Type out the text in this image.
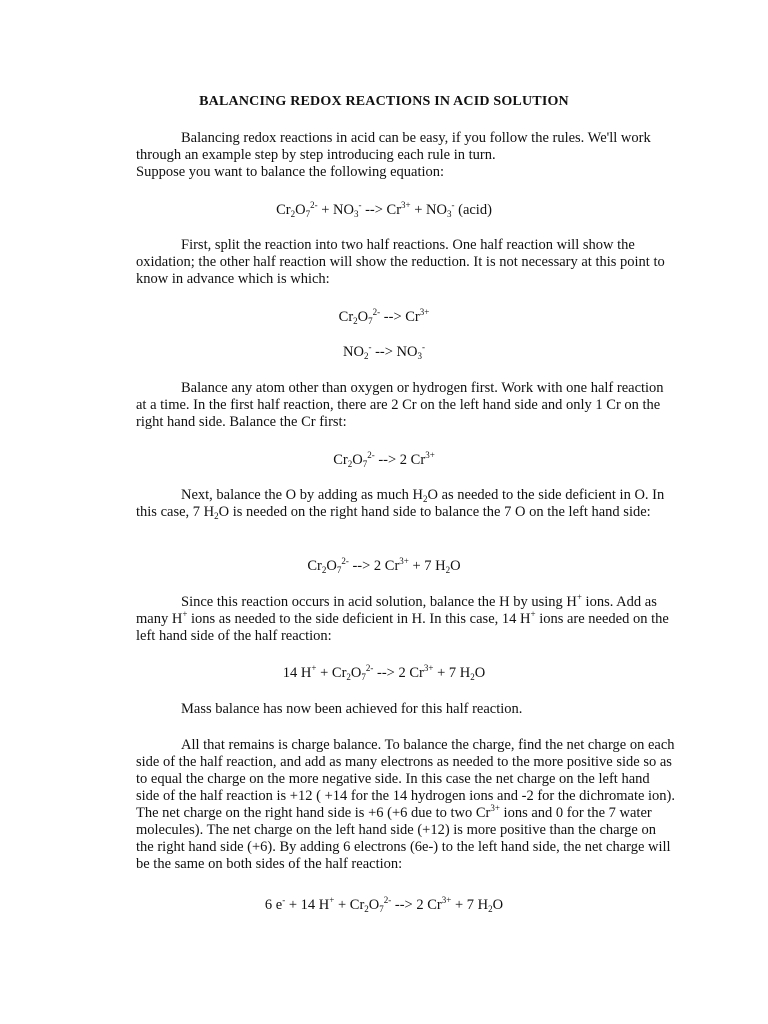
BALANCING REDOX REACTIONS IN ACID SOLUTION

Balancing redox reactions in acid can be easy, if you follow the rules. We'll work through an example step by step introducing each rule in turn.
Suppose you want to balance the following equation:

$Cr_2O_7^{2-} + NO_3^-$ --> $Cr^{3+} + NO_3^-$ (acid)

First, split the reaction into two half reactions. One half reaction will show the oxidation; the other half reaction will show the reduction. It is not necessary at this point to know in advance which is which:

$Cr_2O_7^{2-}$ --> $Cr^{3+}$
$NO_2^-$ --> $NO_3^-$

Balance any atom other than oxygen or hydrogen first. Work with one half reaction at a time. In the first half reaction, there are 2 Cr on the left hand side and only 1 Cr on the right hand side. Balance the Cr first:

$Cr_2O_7^{2-}$ --> 2 $Cr^{3+}$

Next, balance the O by adding as much $H_2O$ as needed to the side deficient in O. In this case, 7 $H_2O$ is needed on the right hand side to balance the 7 O on the left hand side:

$Cr_2O_7^{2-}$ --> 2 $Cr^{3+} + 7$ $H_2O$

Since this reaction occurs in acid solution, balance the H by using H+ ions. Add as many H+ ions as needed to the side deficient in H. In this case, 14 H+ ions are needed on the left hand side of the half reaction:

14 $H^+ + Cr_2O_7^{2-}$ --> 2 $Cr^{3+} + 7$ $H_2O$

Mass balance has now been achieved for this half reaction.

All that remains is charge balance. To balance the charge, find the net charge on each side of the half reaction, and add as many electrons as needed to the more positive side so as to equal the charge on the more negative side. In this case the net charge on the left hand side of the half reaction is +12 ( +14 for the 14 hydrogen ions and -2 for the dichromate ion). The net charge on the right hand side is +6 (+6 due to two $Cr^{3+}$ ions and 0 for the 7 water molecules). The net charge on the left hand side (+12) is more positive than the charge on the right hand side (+6). By adding 6 electrons (6e-) to the left hand side, the net charge will be the same on both sides of the half reaction:

6 e- + 14 $H^+ + Cr_2O_7^{2-}$ --> 2 $Cr^{3+} + 7$ $H_2O$
